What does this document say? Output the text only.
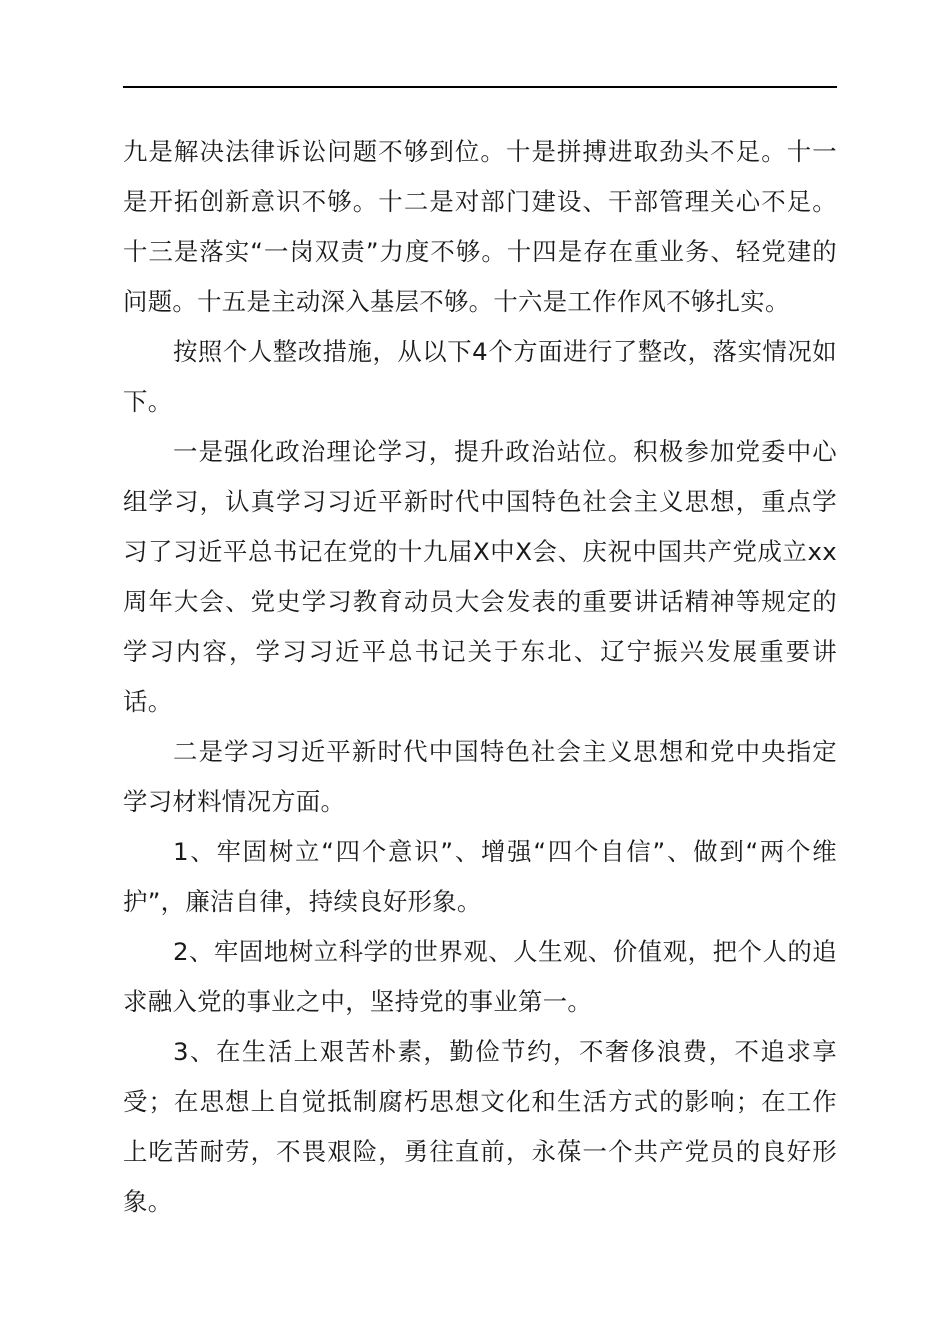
九是解决法律诉讼问题不够到位。十是拼搏进取劲头不足。十一是开拓创新意识不够。十二是对部门建设、干部管理关心不足。十三是落实“一岗双责”力度不够。十四是存在重业务、轻党建的问题。十五是主动深入基层不够。十六是工作作风不够扎实。

按照个人整改措施，从以下4个方面进行了整改，落实情况如下。

一是强化政治理论学习，提升政治站位。积极参加党委中心组学习，认真学习习近平新时代中国特色社会主义思想，重点学习了习近平总书记在党的十九届X中X会、庆祝中国共产党成立xx周年大会、党史学习教育动员大会发表的重要讲话精神等规定的学习内容，学习习近平总书记关于东北、辽宁振兴发展重要讲话。

二是学习习近平新时代中国特色社会主义思想和党中央指定学习材料情况方面。

1、牢固树立“四个意识”、增强“四个自信”、做到“两个维护”，廉洁自律，持续良好形象。

2、牢固地树立科学的世界观、人生观、价值观，把个人的追求融入党的事业之中，坚持党的事业第一。

3、在生活上艰苦朴素，勤俭节约，不奢侈浪费，不追求享受；在思想上自觉抵制腐朽思想文化和生活方式的影响；在工作上吃苦耐劳，不畏艰险，勇往直前，永葆一个共产党员的良好形象。
